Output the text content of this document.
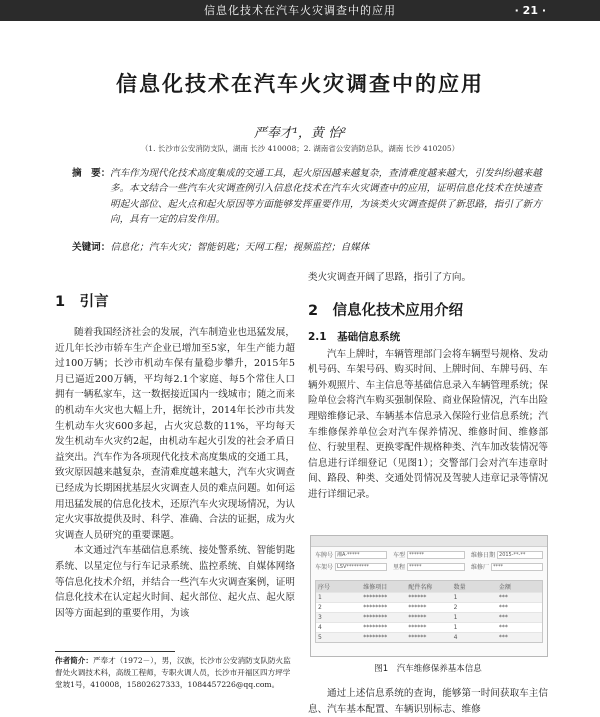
信息化技术在汽车火灾调查中的应用	· 21 ·
信息化技术在汽车火灾调查中的应用
严奉才¹，黄 怡²
（1. 长沙市公安消防支队，湖南 长沙 410008；2. 湖南省公安消防总队，湖南 长沙 410205）
摘　要： 汽车作为现代化技术高度集成的交通工具，起火原因越来越复杂，查清难度越来越大，引发纠纷越来越多。本文结合一些汽车火灾调查例引入信息化技术在汽车火灾调查中的应用，证明信息化技术在快速查明起火部位、起火点和起火原因等方面能够发挥重要作用，为该类火灾调查提供了新思路，指引了新方向，具有一定的启发作用。
关键词：信息化；汽车火灾；智能钥匙；天网工程；视频监控；自媒体
1　引言

随着我国经济社会的发展，汽车制造业也迅猛发展，近几年长沙市轿车生产企业已增加至5家，年生产能力超过100万辆；长沙市机动车保有量稳步攀升，2015年5月已逼近200万辆，平均每2.1个家庭、每5个常住人口拥有一辆私家车，这一数据接近国内一线城市；随之而来的机动车火灾也大幅上升，据统计，2014年长沙市共发生机动车火灾600多起，占火灾总数的11%，平均每天发生机动车火灾约2起，由机动车起火引发的社会矛盾日益突出。汽车作为各项现代化技术高度集成的交通工具，致灾原因越来越复杂，查清难度越来越大，汽车火灾调查已经成为长期困扰基层火灾调查人员的难点问题。如何运用迅猛发展的信息化技术，还原汽车火灾现场情况，为认定火灾事故提供及时、科学、准确、合法的证据，成为火灾调查人员研究的重要课题。

本文通过汽车基础信息系统、接处警系统、智能钥匙系统、以星定位与行车记录系统、监控系统、自媒体网络等信息化技术介绍，并结合一些汽车火灾调查案例，证明信息化技术在认定起火时间、起火部位、起火点、起火原因等方面起到的重要作用，为该

类火灾调查开阔了思路，指引了方向。

2　信息化技术应用介绍
2.1　基础信息系统

汽车上牌时，车辆管理部门会将车辆型号规格、发动机号码、车架号码、购买时间、上牌时间、车牌号码、车辆外观照片、车主信息等基础信息录入车辆管理系统；保险单位会将汽车购买强制保险、商业保险情况，汽车出险理赔维修记录、车辆基本信息录入保险行业信息系统；汽车维修保养单位会对汽车保养情况、维修时间、维修部位、行驶里程、更换零配件规格种类、汽车加改装情况等信息进行详细登记（见图1）；交警部门会对汽车违章时间、路段、种类、交通处罚情况及驾驶人违章记录等情况进行详细记录。

车牌号 湘A·*****	车型 ******	维修日期 2015-**-**
车架号 LSV*********	里程 *****	维修厂 ****
序号	维修项目	配件名称	数量	金额
1	********	******	1	***
2	********	******	2	***
3	********	******	1	***
4	********	******	1	***
5	********	******	4	***
图1　汽车维修保养基本信息

通过上述信息系统的查询，能够第一时间获取车主信息、汽车基本配置、车辆识别标志、维修

作者简介：严奉才（1972－），男，汉族，长沙市公安消防支队防火监督处火调技术科，高级工程师，专职火调人员，长沙市开福区四方坪学堂坡1号，410008，15802627333，1084457226@qq.com。
